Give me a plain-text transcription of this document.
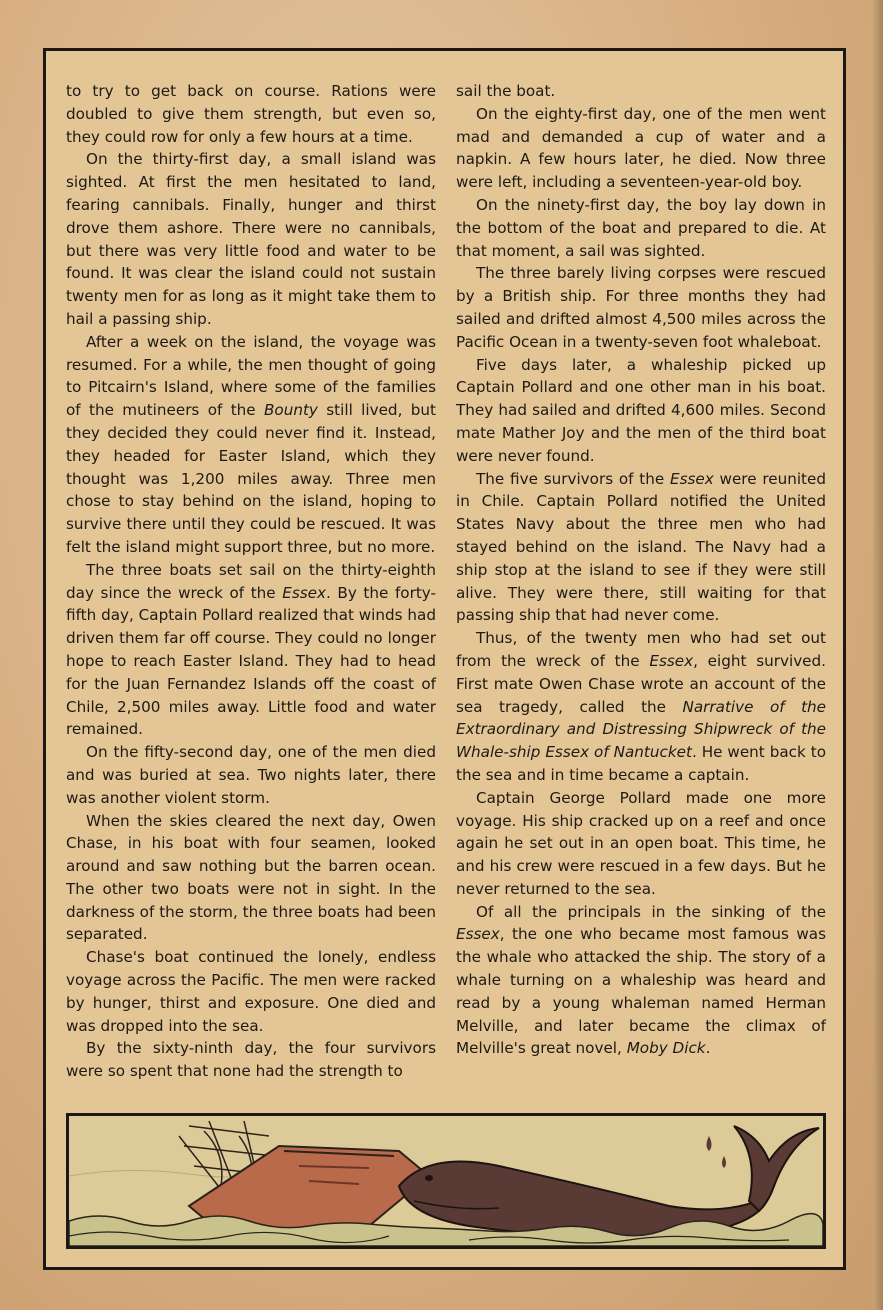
to try to get back on course. Rations were doubled to give them strength, but even so, they could row for only a few hours at a time.

On the thirty-first day, a small island was sighted. At first the men hesitated to land, fearing cannibals. Finally, hunger and thirst drove them ashore. There were no cannibals, but there was very little food and water to be found. It was clear the island could not sustain twenty men for as long as it might take them to hail a passing ship.

After a week on the island, the voyage was resumed. For a while, the men thought of going to Pitcairn's Island, where some of the families of the mutineers of the Bounty still lived, but they decided they could never find it. Instead, they headed for Easter Island, which they thought was 1,200 miles away. Three men chose to stay behind on the island, hoping to survive there until they could be rescued. It was felt the island might support three, but no more.

The three boats set sail on the thirty-eighth day since the wreck of the Essex. By the forty-fifth day, Captain Pollard realized that winds had driven them far off course. They could no longer hope to reach Easter Island. They had to head for the Juan Fernandez Islands off the coast of Chile, 2,500 miles away. Little food and water remained.

On the fifty-second day, one of the men died and was buried at sea. Two nights later, there was another violent storm.

When the skies cleared the next day, Owen Chase, in his boat with four seamen, looked around and saw nothing but the barren ocean. The other two boats were not in sight. In the darkness of the storm, the three boats had been separated.

Chase's boat continued the lonely, endless voyage across the Pacific. The men were racked by hunger, thirst and exposure. One died and was dropped into the sea.

By the sixty-ninth day, the four survivors were so spent that none had the strength to

sail the boat.

On the eighty-first day, one of the men went mad and demanded a cup of water and a napkin. A few hours later, he died. Now three were left, including a seventeen-year-old boy.

On the ninety-first day, the boy lay down in the bottom of the boat and prepared to die. At that moment, a sail was sighted.

The three barely living corpses were rescued by a British ship. For three months they had sailed and drifted almost 4,500 miles across the Pacific Ocean in a twenty-seven foot whaleboat.

Five days later, a whaleship picked up Captain Pollard and one other man in his boat. They had sailed and drifted 4,600 miles. Second mate Mather Joy and the men of the third boat were never found.

The five survivors of the Essex were reunited in Chile. Captain Pollard notified the United States Navy about the three men who had stayed behind on the island. The Navy had a ship stop at the island to see if they were still alive. They were there, still waiting for that passing ship that had never come.

Thus, of the twenty men who had set out from the wreck of the Essex, eight survived. First mate Owen Chase wrote an account of the sea tragedy, called the Narrative of the Extraordinary and Distressing Shipwreck of the Whale-ship Essex of Nantucket. He went back to the sea and in time became a captain.

Captain George Pollard made one more voyage. His ship cracked up on a reef and once again he set out in an open boat. This time, he and his crew were rescued in a few days. But he never returned to the sea.

Of all the principals in the sinking of the Essex, the one who became most famous was the whale who attacked the ship. The story of a whale turning on a whaleship was heard and read by a young whaleman named Herman Melville, and later became the climax of Melville's great novel, Moby Dick.
